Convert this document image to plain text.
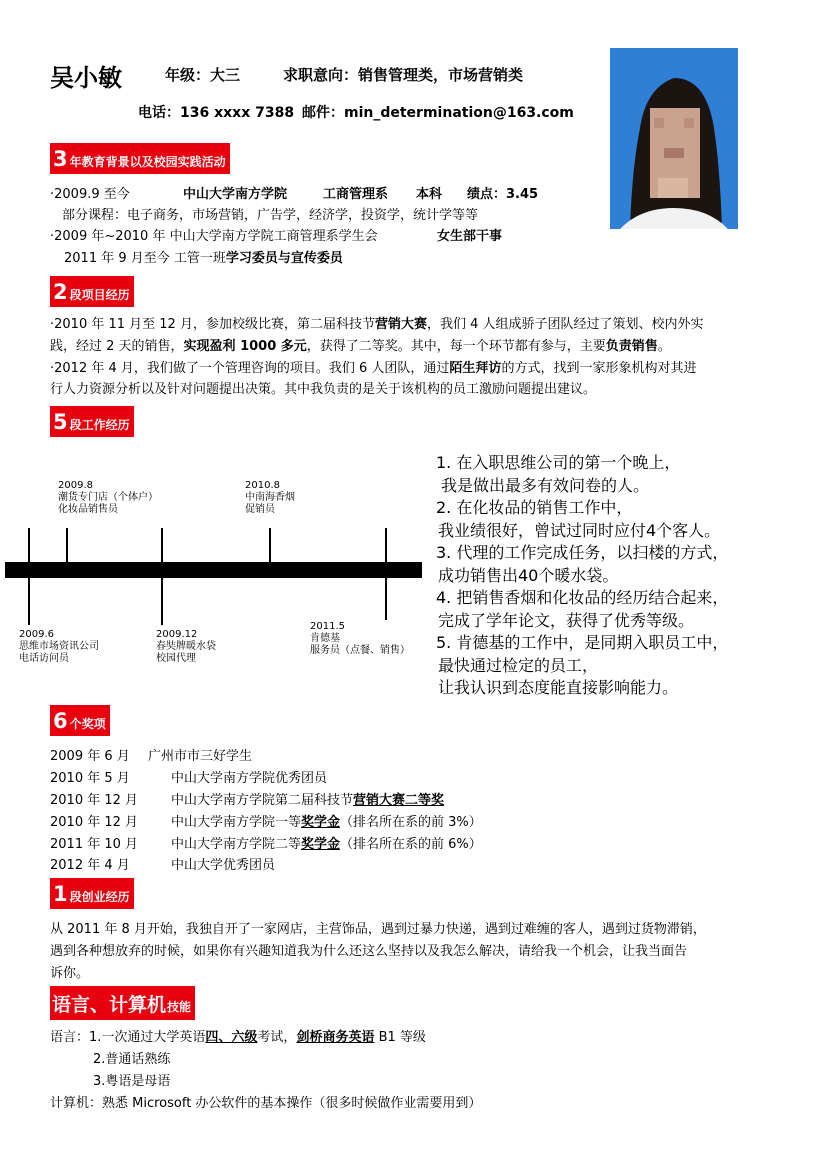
吴小敏	年级：大三	求职意向：销售管理类，市场营销类
电话：136 xxxx 7388 邮件：min_determination@163.com
3 年教育背景以及校园实践活动
·2009.9 至今	中山大学南方学院	工商管理系 本科 绩点：3.45
部分课程：电子商务，市场营销，广告学，经济学，投资学，统计学等等
·2009 年~2010 年 中山大学南方学院工商管理系学生会	女生部干事
2011 年 9 月至今 工管一班学习委员与宣传委员
2 段项目经历
·2010 年 11 月至 12 月，参加校级比赛，第二届科技节营销大赛，我们 4 人组成骄子团队经过了策划、校内外实
践，经过 2 天的销售，实现盈利 1000 多元，获得了二等奖。其中，每一个环节都有参与，主要负责销售。
·2012 年 4 月，我们做了一个管理咨询的项目。我们 6 人团队，通过陌生拜访的方式，找到一家形象机构对其进
行人力资源分析以及针对问题提出决策。其中我负责的是关于该机构的员工激励问题提出建议。
5 段工作经历
2009.8
潮货专门店（个体户）
化妆品销售员
2010.8
中南海香烟
促销员
2009.6
思维市场资讯公司
电话访问员
2009.12
春奘牌暖水袋
校园代理
2011.5
肯德基
服务员（点餐、销售）
1. 在入职思维公司的第一个晚上，
我是做出最多有效问卷的人。
2. 在化妆品的销售工作中，
我业绩很好，曾试过同时应付4个客人。
3. 代理的工作完成任务，以扫楼的方式，
成功销售出40个暖水袋。
4. 把销售香烟和化妆品的经历结合起来，
完成了学年论文，获得了优秀等级。
5. 肯德基的工作中，是同期入职员工中，
最快通过检定的员工，
让我认识到态度能直接影响能力。
6 个奖项
2009 年 6 月 广州市市三好学生
2010 年 5 月	中山大学南方学院优秀团员
2010 年 12 月	中山大学南方学院第二届科技节营销大赛二等奖
2010 年 12 月	中山大学南方学院一等奖学金（排名所在系的前 3%）
2011 年 10 月	中山大学南方学院二等奖学金（排名所在系的前 6%）
2012 年 4 月	中山大学优秀团员
1 段创业经历
从 2011 年 8 月开始，我独自开了一家网店，主营饰品，遇到过暴力快递，遇到过难缠的客人，遇到过货物滞销，
遇到各种想放弃的时候，如果你有兴趣知道我为什么还这么坚持以及我怎么解决，请给我一个机会，让我当面告
诉你。
语言、计算机 技能
语言：1.一次通过大学英语四、六级考试，剑桥商务英语 B1 等级
2.普通话熟练
3.粤语是母语
计算机：熟悉 Microsoft 办公软件的基本操作（很多时候做作业需要用到）
